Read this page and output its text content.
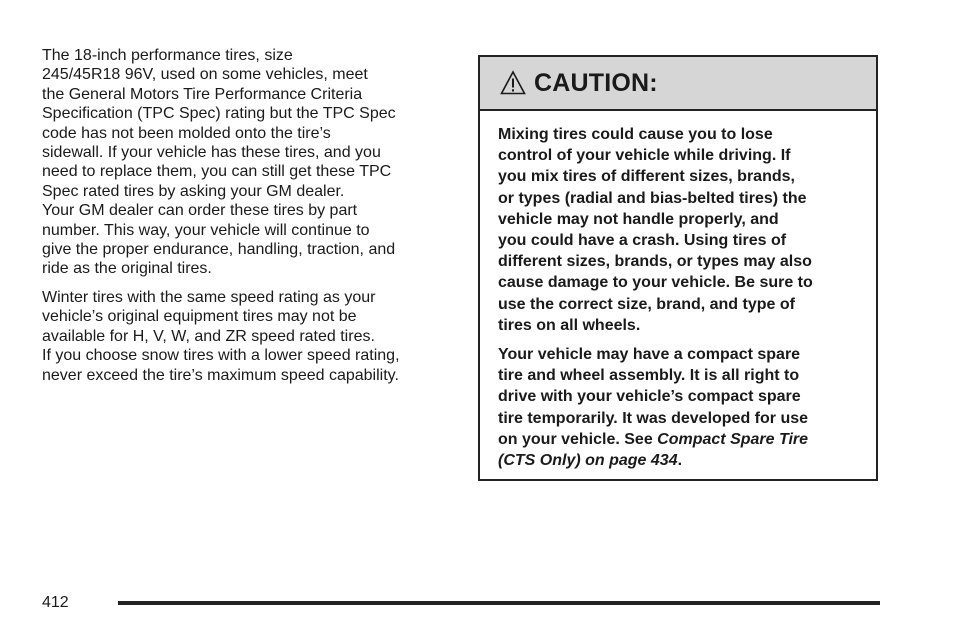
The 18-inch performance tires, size
245/45R18 96V, used on some vehicles, meet
the General Motors Tire Performance Criteria
Specification (TPC Spec) rating but the TPC Spec
code has not been molded onto the tire’s
sidewall. If your vehicle has these tires, and you
need to replace them, you can still get these TPC
Spec rated tires by asking your GM dealer.
Your GM dealer can order these tires by part
number. This way, your vehicle will continue to
give the proper endurance, handling, traction, and
ride as the original tires.

Winter tires with the same speed rating as your
vehicle’s original equipment tires may not be
available for H, V, W, and ZR speed rated tires.
If you choose snow tires with a lower speed rating,
never exceed the tire’s maximum speed capability.

CAUTION:

Mixing tires could cause you to lose
control of your vehicle while driving. If
you mix tires of different sizes, brands,
or types (radial and bias-belted tires) the
vehicle may not handle properly, and
you could have a crash. Using tires of
different sizes, brands, or types may also
cause damage to your vehicle. Be sure to
use the correct size, brand, and type of
tires on all wheels.

Your vehicle may have a compact spare
tire and wheel assembly. It is all right to
drive with your vehicle’s compact spare
tire temporarily. It was developed for use
on your vehicle. See Compact Spare Tire
(CTS Only) on page 434.

412
